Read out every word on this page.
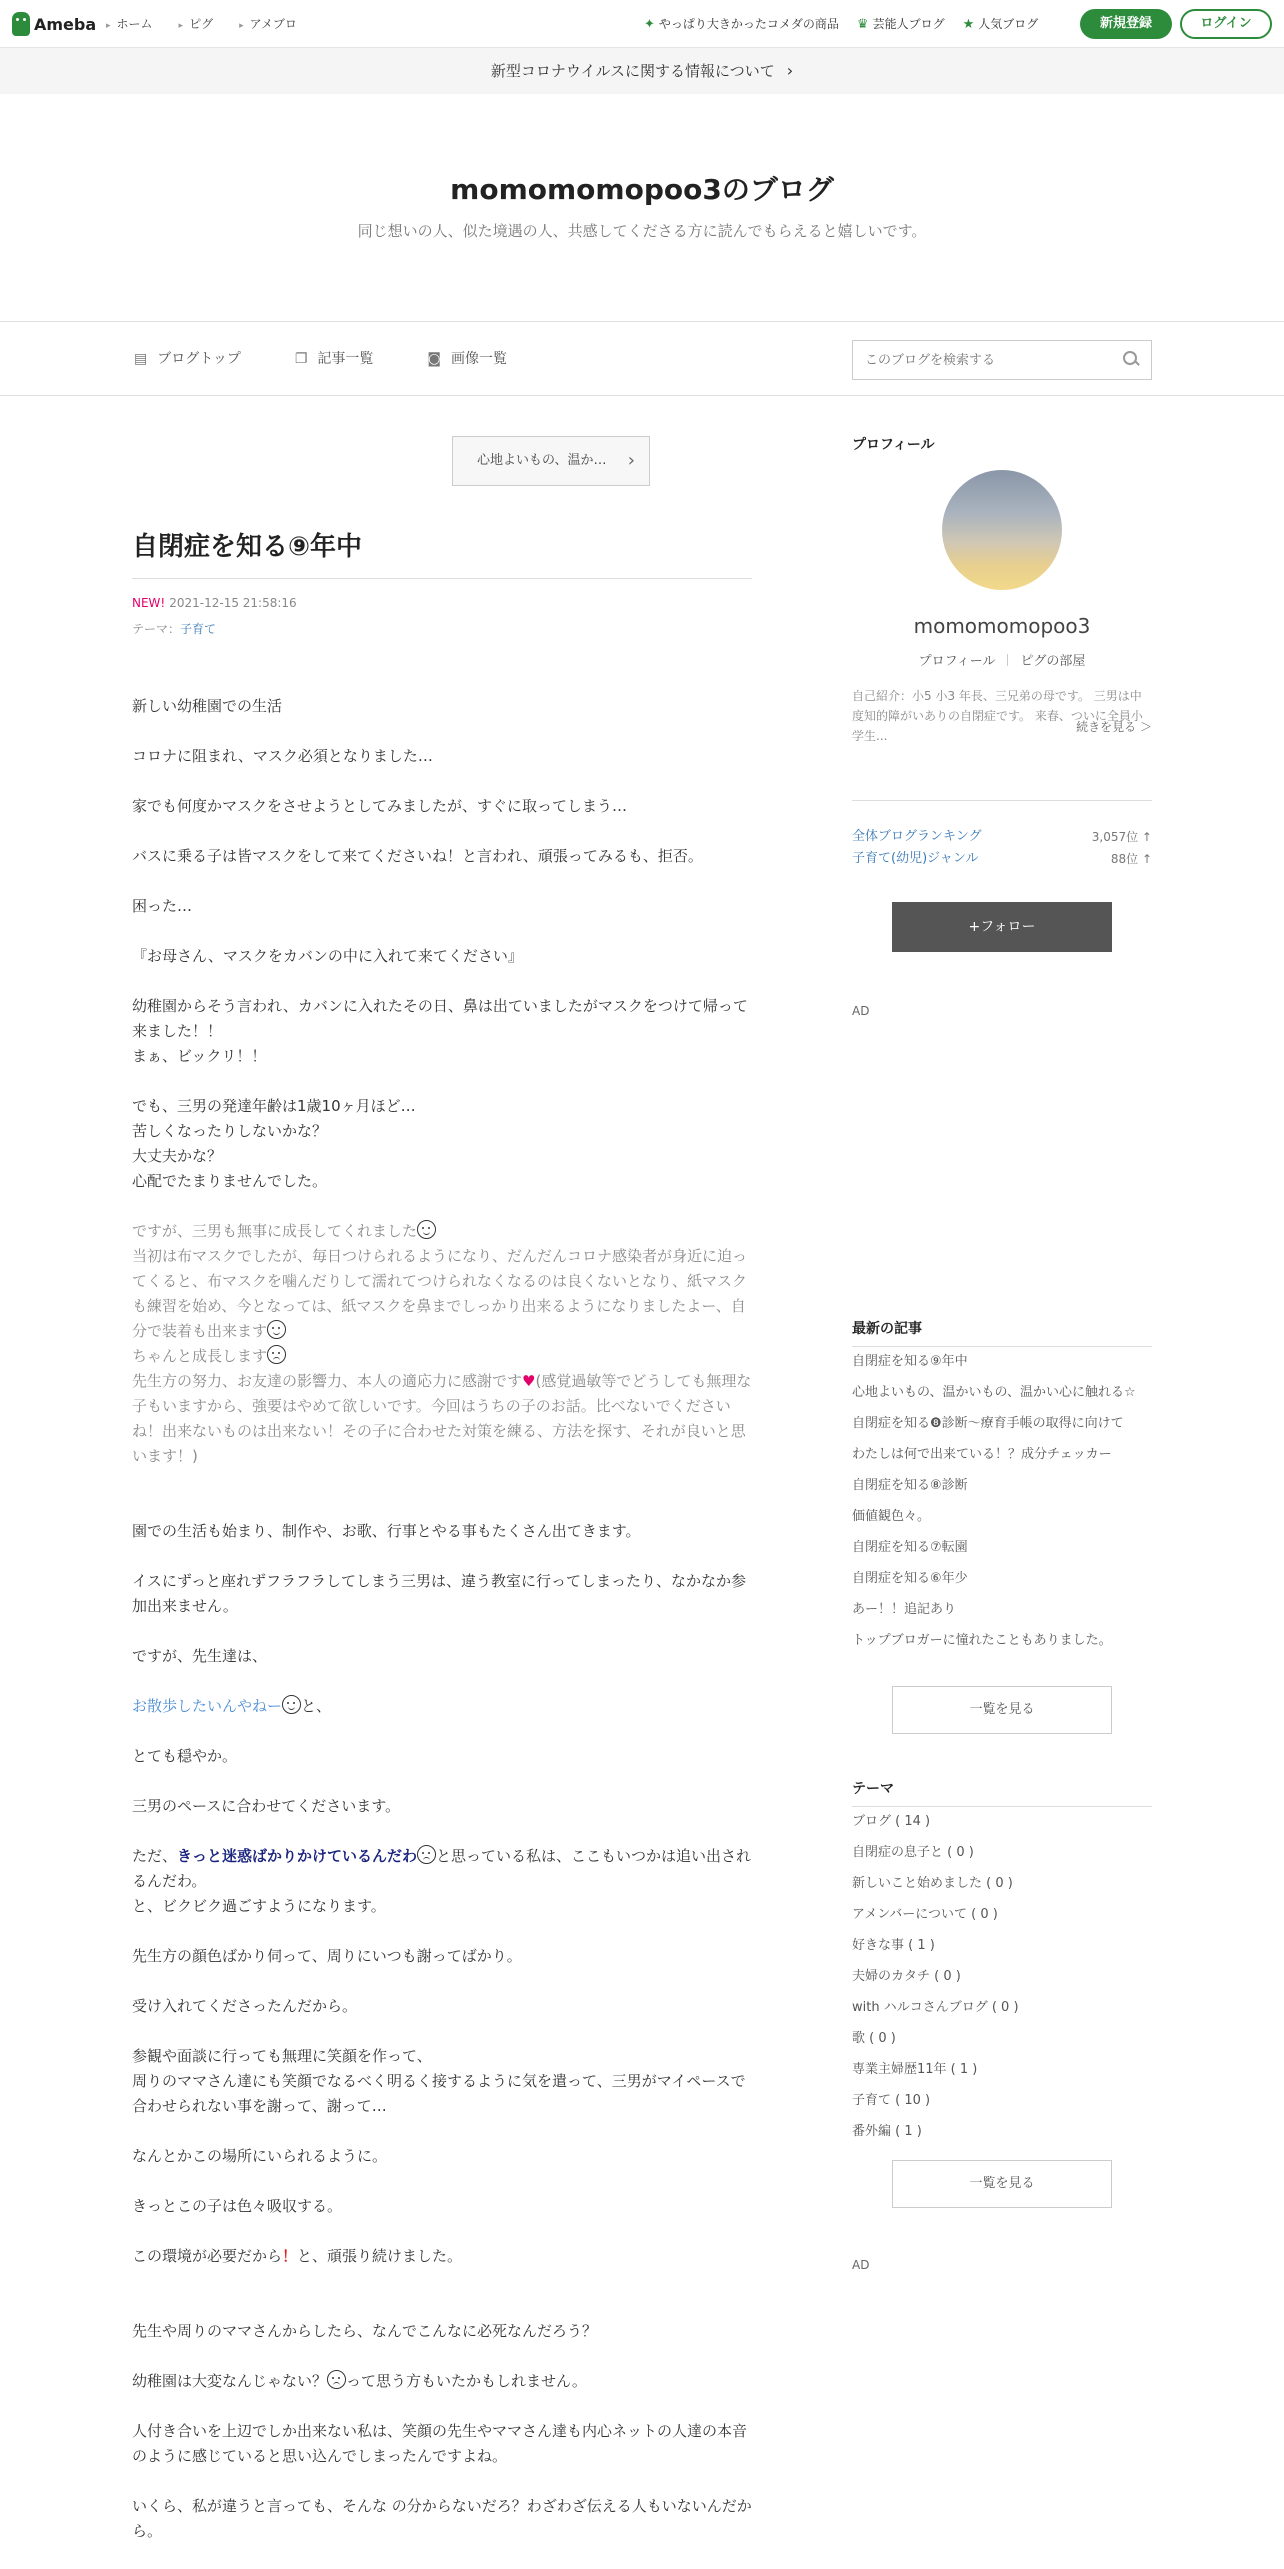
Ameba	▸ ホーム	▸ ピグ	▸ アメブロ	✦ やっぱり大きかったコメダの商品 ♛ 芸能人ブログ ★ 人気ブログ	新規登録	ログイン
新型コロナウイルスに関する情報について ›
momomomopoo3のブログ
同じ想いの人、似た境遇の人、共感してくださる方に読んでもらえると嬉しいです。
▤ ブログトップ	❐ 記事一覧	◙ 画像一覧
このブログを検索する
心地よいもの、温か… ›
自閉症を知る⑨年中
NEW! 2021-12-15 21:58:16
テーマ：子育て

新しい幼稚園での生活

コロナに阻まれ、マスク必須となりました…

家でも何度かマスクをさせようとしてみましたが、すぐに取ってしまう…

バスに乗る子は皆マスクをして来てくださいね！と言われ、頑張ってみるも、拒否。

困った…

『お母さん、マスクをカバンの中に入れて来てください』

幼稚園からそう言われ、カバンに入れたその日、鼻は出ていましたがマスクをつけて帰って来ました！！
まぁ、ビックリ！！

でも、三男の発達年齢は1歳10ヶ月ほど…
苦しくなったりしないかな？
大丈夫かな？
心配でたまりませんでした。

ですが、三男も無事に成長してくれました
当初は布マスクでしたが、毎日つけられるようになり、だんだんコロナ感染者が身近に迫ってくると、布マスクを噛んだりして濡れてつけられなくなるのは良くないとなり、紙マスクも練習を始め、今となっては、紙マスクを鼻までしっかり出来るようになりましたよー、自分で装着も出来ます
ちゃんと成長します
先生方の努力、お友達の影響力、本人の適応力に感謝です♥(感覚過敏等でどうしても無理な子もいますから、強要はやめて欲しいです。今回はうちの子のお話。比べないでくださいね！出来ないものは出来ない！その子に合わせた対策を練る、方法を探す、それが良いと思います！)

園での生活も始まり、制作や、お歌、行事とやる事もたくさん出てきます。

イスにずっと座れずフラフラしてしまう三男は、違う教室に行ってしまったり、なかなか参加出来ません。

ですが、先生達は、

お散歩したいんやねー と、

とても穏やか。

三男のペースに合わせてくださいます。

ただ、きっと迷惑ばかりかけているんだわ と思っている私は、ここもいつかは追い出されるんだわ。
と、ビクビク過ごすようになります。

先生方の顔色ばかり伺って、周りにいつも謝ってばかり。

受け入れてくださったんだから。

参観や面談に行っても無理に笑顔を作って、
周りのママさん達にも笑顔でなるべく明るく接するように気を遣って、三男がマイペースで合わせられない事を謝って、謝って…

なんとかこの場所にいられるように。

きっとこの子は色々吸収する。

この環境が必要だから！と、頑張り続けました。

先生や周りのママさんからしたら、なんでこんなに必死なんだろう？

幼稚園は大変なんじゃない？ って思う方もいたかもしれません。

人付き合いを上辺でしか出来ない私は、笑顔の先生やママさん達も内心ネットの人達の本音のように感じていると思い込んでしまったんですよね。

いくら、私が違うと言っても、そんな の分からないだろ？わざわざ伝える人もいないんだから。

プロフィール
momomomopoo3
プロフィール ピグの部屋
自己紹介：小5 小3 年長、三兄弟の母です。 三男は中度知的障がいありの自閉症です。 来春、ついに全員小学生...
続きを見る ＞
全体ブログランキング	3,057位 ↑
子育て(幼児)ジャンル	88位 ↑
+フォロー
AD
最新の記事
自閉症を知る⑨年中
心地よいもの、温かいもの、温かい心に触れる☆
自閉症を知る❽診断〜療育手帳の取得に向けて
わたしは何で出来ている！？成分チェッカー
自閉症を知る⑧診断
価値観色々。
自閉症を知る⑦転園
自閉症を知る⑥年少
あー！！追記あり
トップブロガーに憧れたこともありました。
一覧を見る
テーマ
ブログ ( 14 )
自閉症の息子と ( 0 )
新しいこと始めました ( 0 )
アメンバーについて ( 0 )
好きな事 ( 1 )
夫婦のカタチ ( 0 )
with ハルコさんブログ ( 0 )
歌 ( 0 )
専業主婦歴11年 ( 1 )
子育て ( 10 )
番外編 ( 1 )
一覧を見る
AD
